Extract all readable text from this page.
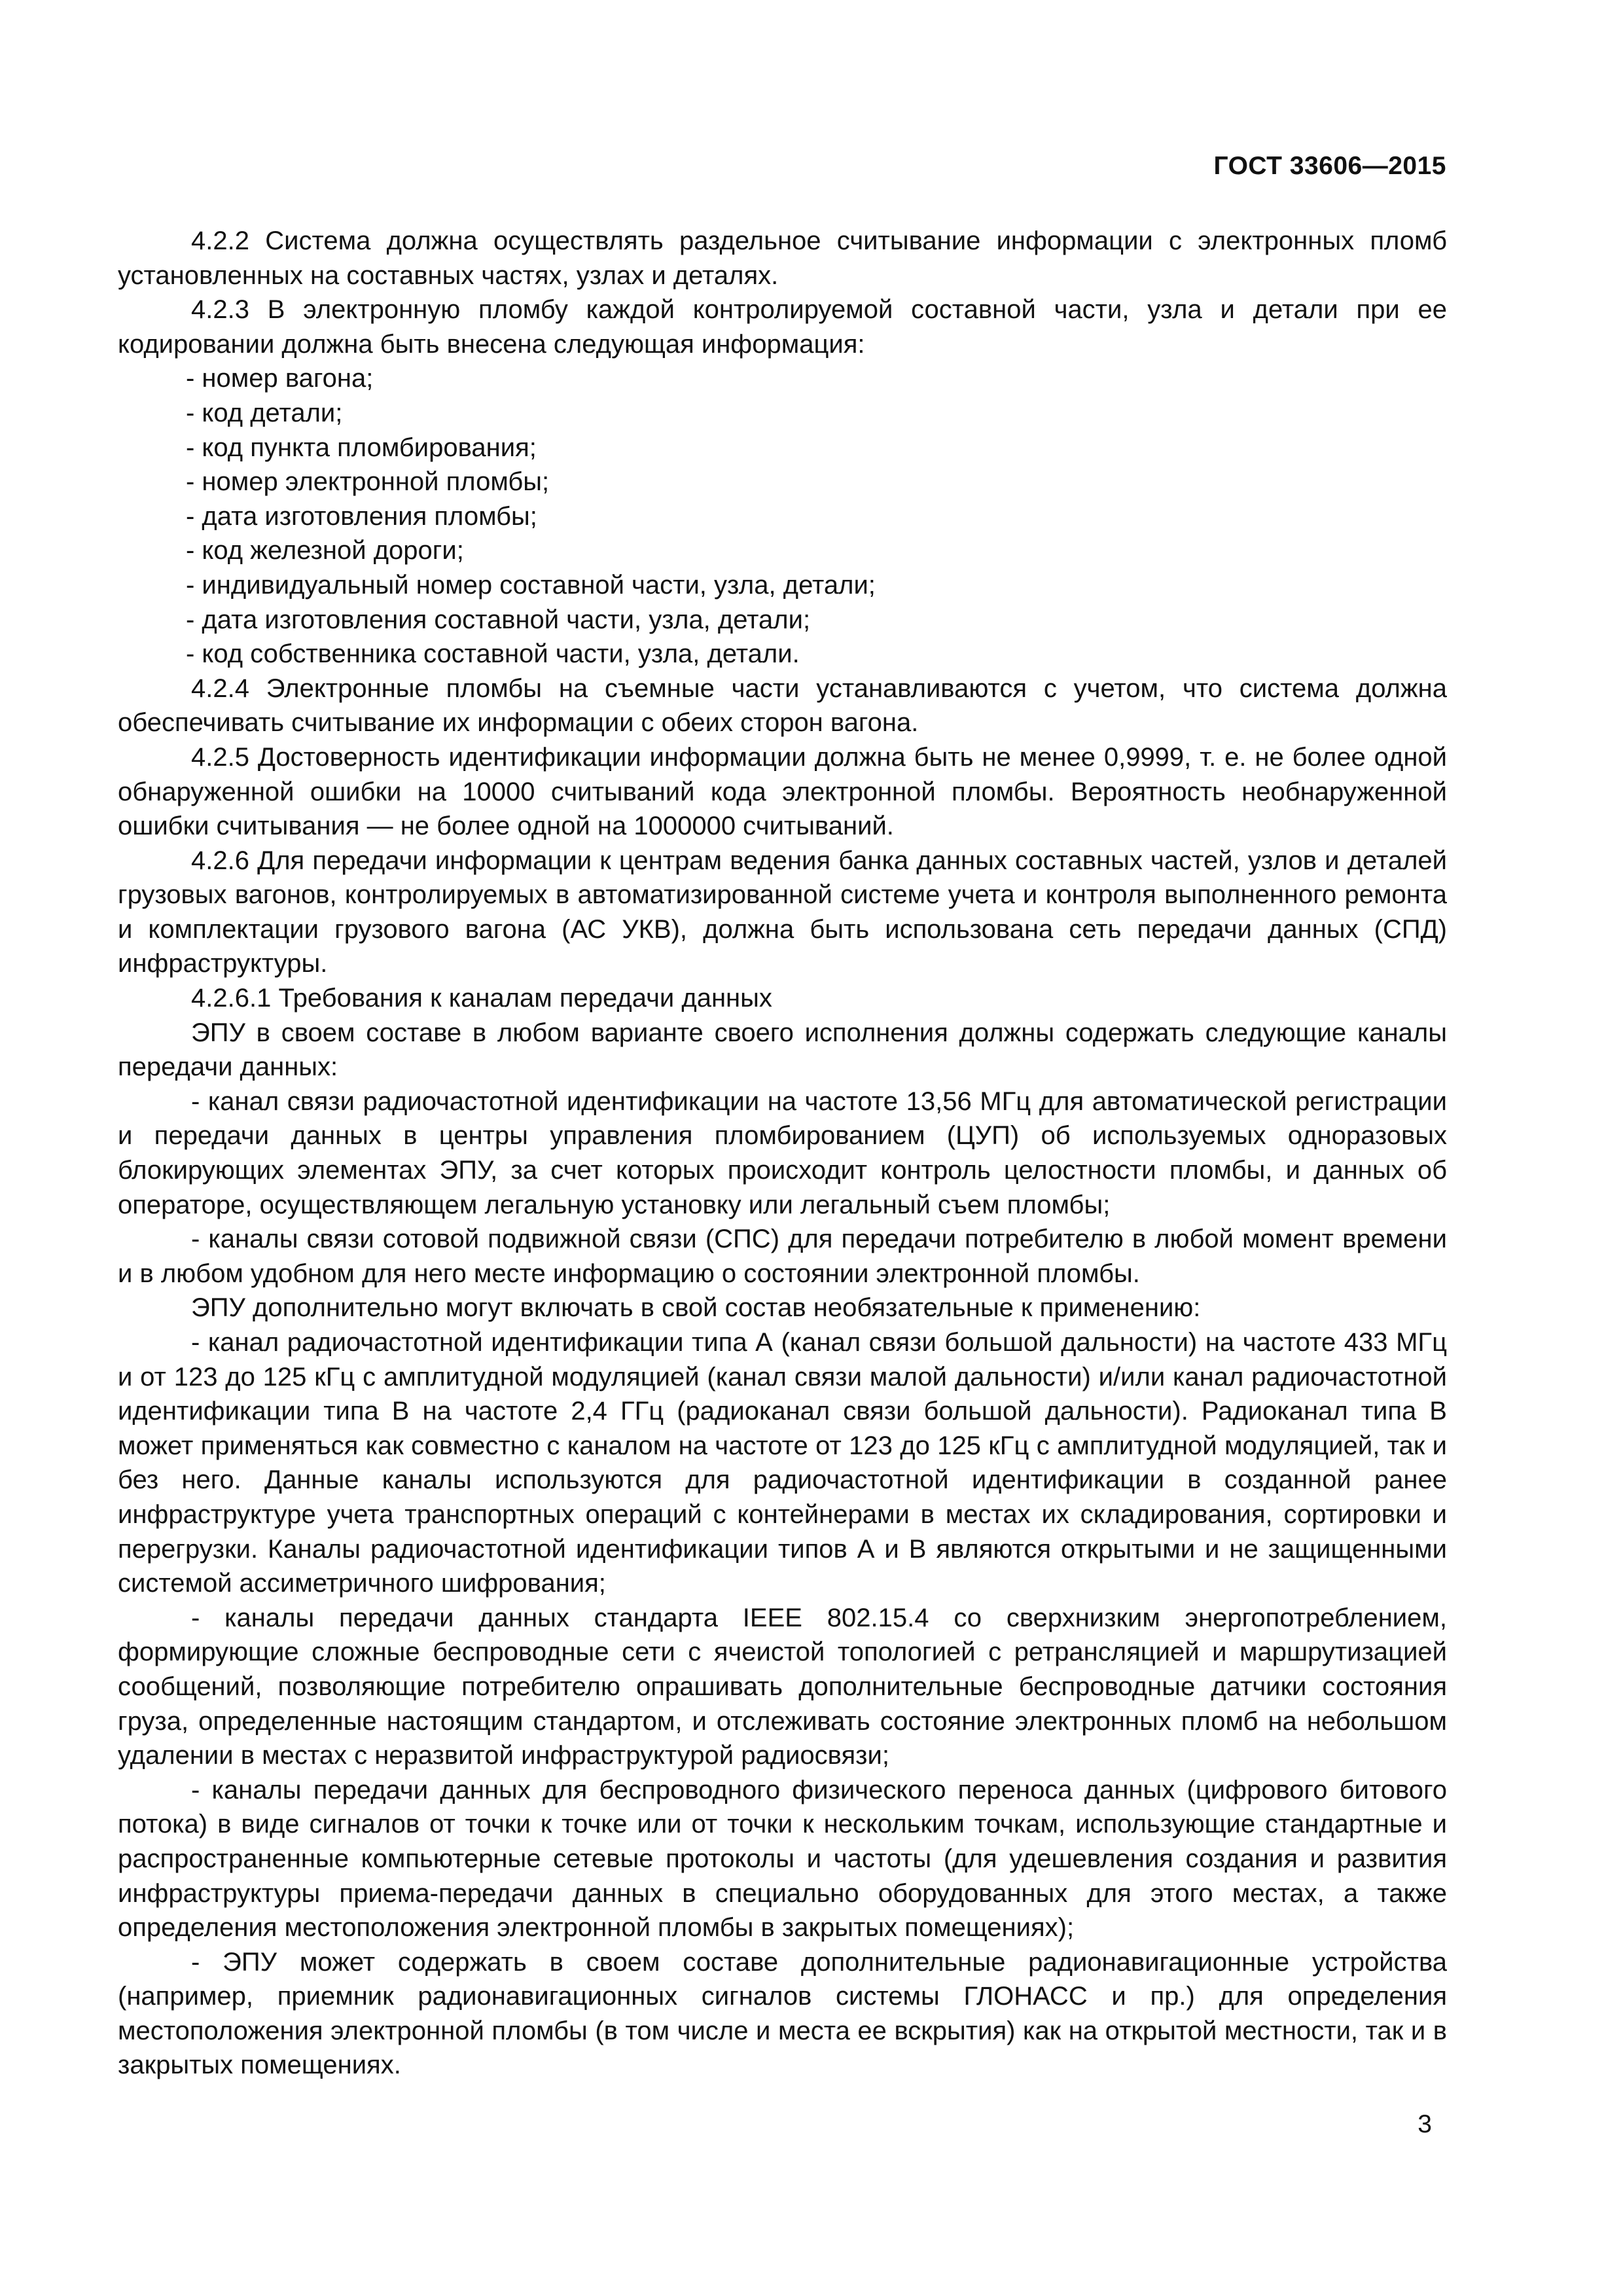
ГОСТ 33606—2015

4.2.2 Система должна осуществлять раздельное считывание информации с электронных пломб установленных на составных частях, узлах и деталях.

4.2.3 В электронную пломбу каждой контролируемой составной части, узла и детали при ее кодировании должна быть внесена следующая информация:

- номер вагона;

- код детали;

- код пункта пломбирования;

- номер электронной пломбы;

- дата изготовления пломбы;

- код железной дороги;

- индивидуальный номер составной части, узла, детали;

- дата изготовления составной части, узла, детали;

- код собственника составной части, узла, детали.

4.2.4 Электронные пломбы на съемные части устанавливаются с учетом, что система должна обеспечивать считывание их информации с обеих сторон вагона.

4.2.5 Достоверность идентификации информации должна быть не менее 0,9999, т. е. не более одной обнаруженной ошибки на 10000 считываний кода электронной пломбы. Вероятность необнаруженной ошибки считывания — не более одной на 1000000 считываний.

4.2.6 Для передачи информации к центрам ведения банка данных составных частей, узлов и деталей грузовых вагонов, контролируемых в автоматизированной системе учета и контроля выполненного ремонта и комплектации грузового вагона (АС УКВ), должна быть использована сеть передачи данных (СПД) инфраструктуры.

4.2.6.1 Требования к каналам передачи данных

ЭПУ в своем составе в любом варианте своего исполнения должны содержать следующие каналы передачи данных:

- канал связи радиочастотной идентификации на частоте 13,56 МГц для автоматической регистрации и передачи данных в центры управления пломбированием (ЦУП) об используемых одноразовых блокирующих элементах ЭПУ, за счет которых происходит контроль целостности пломбы, и данных об операторе, осуществляющем легальную установку или легальный съем пломбы;

- каналы связи сотовой подвижной связи (СПС) для передачи потребителю в любой момент времени и в любом удобном для него месте информацию о состоянии электронной пломбы.

ЭПУ дополнительно могут включать в свой состав необязательные к применению:

- канал радиочастотной идентификации типа А (канал связи большой дальности) на частоте 433 МГц и от 123 до 125 кГц с амплитудной модуляцией (канал связи малой дальности) и/или канал радиочастотной идентификации типа В на частоте 2,4 ГГц (радиоканал связи большой дальности). Радиоканал типа В может применяться как совместно с каналом на частоте от 123 до 125 кГц с амплитудной модуляцией, так и без него. Данные каналы используются для радиочастотной идентификации в созданной ранее инфраструктуре учета транспортных операций с контейнерами в местах их складирования, сортировки и перегрузки. Каналы радиочастотной идентификации типов А и В являются открытыми и не защищенными системой ассиметричного шифрования;

- каналы передачи данных стандарта IEEE 802.15.4 со сверхнизким энергопотреблением, формирующие сложные беспроводные сети с ячеистой топологией с ретрансляцией и маршрутизацией сообщений, позволяющие потребителю опрашивать дополнительные беспроводные датчики состояния груза, определенные настоящим стандартом, и отслеживать состояние электронных пломб на небольшом удалении в местах с неразвитой инфраструктурой радиосвязи;

- каналы передачи данных для беспроводного физического переноса данных (цифрового битового потока) в виде сигналов от точки к точке или от точки к нескольким точкам, использующие стандартные и распространенные компьютерные сетевые протоколы и частоты (для удешевления создания и развития инфраструктуры приема-передачи данных в специально оборудованных для этого местах, а также определения местоположения электронной пломбы в закрытых помещениях);

- ЭПУ может содержать в своем составе дополнительные радионавигационные устройства (например, приемник радионавигационных сигналов системы ГЛОНАСС и пр.) для определения местоположения электронной пломбы (в том числе и места ее вскрытия) как на открытой местности, так и в закрытых помещениях.

3
